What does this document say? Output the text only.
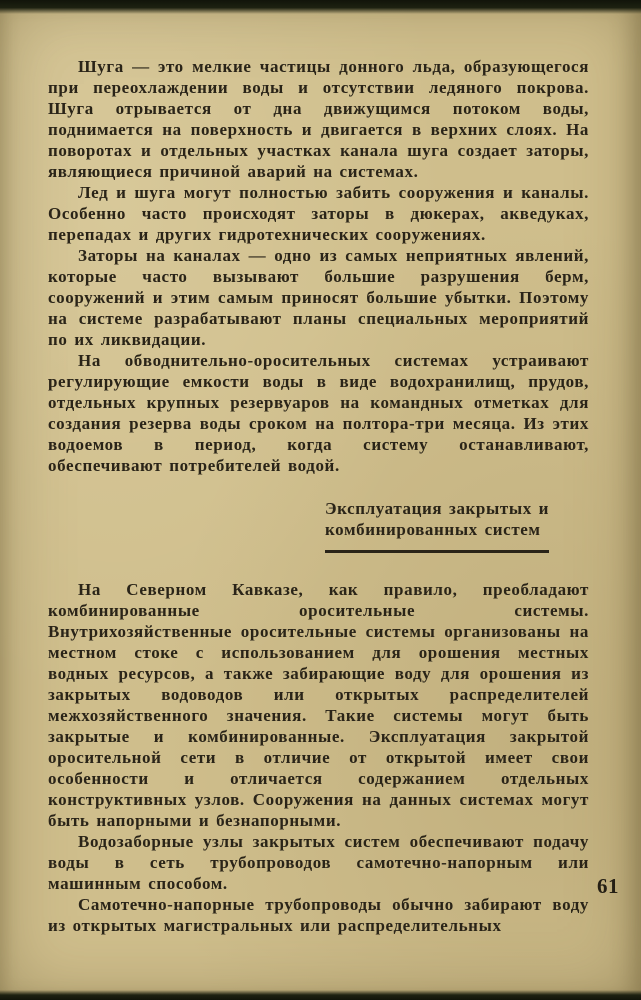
Шуга — это мелкие частицы донного льда, образующегося при переохлаждении воды и отсутствии ледяного покрова. Шуга отрывается от дна движущимся потоком воды, поднимается на поверхность и двигается в верхних слоях. На поворотах и отдельных участках канала шуга создает заторы, являющиеся причиной аварий на системах.

Лед и шуга могут полностью забить сооружения и каналы. Особенно часто происходят заторы в дюкерах, акведуках, перепадах и других гидротехнических сооружениях.

Заторы на каналах — одно из самых неприятных явлений, которые часто вызывают большие разрушения берм, сооружений и этим самым приносят большие убытки. Поэтому на системе разрабатывают планы специальных мероприятий по их ликвидации.

На обводнительно-оросительных системах устраивают регулирующие емкости воды в виде водохранилищ, прудов, отдельных крупных резервуаров на командных отметках для создания резерва воды сроком на полтора-три месяца. Из этих водоемов в период, когда систему останавливают, обеспечивают потребителей водой.

Эксплуатация закрытых и
комбинированных систем

На Северном Кавказе, как правило, преобладают комбинированные оросительные системы. Внутрихозяйственные оросительные системы организованы на местном стоке с использованием для орошения местных водных ресурсов, а также забирающие воду для орошения из закрытых водоводов или открытых распределителей межхозяйственного значения. Такие системы могут быть закрытые и комбинированные. Эксплуатация закрытой оросительной сети в отличие от открытой имеет свои особенности и отличается содержанием отдельных конструктивных узлов. Сооружения на данных системах могут быть напорными и безнапорными.

Водозаборные узлы закрытых систем обеспечивают подачу воды в сеть трубопроводов самотечно-напорным или машинным способом.

Самотечно-напорные трубопроводы обычно забирают воду из открытых магистральных или распределительных

61
